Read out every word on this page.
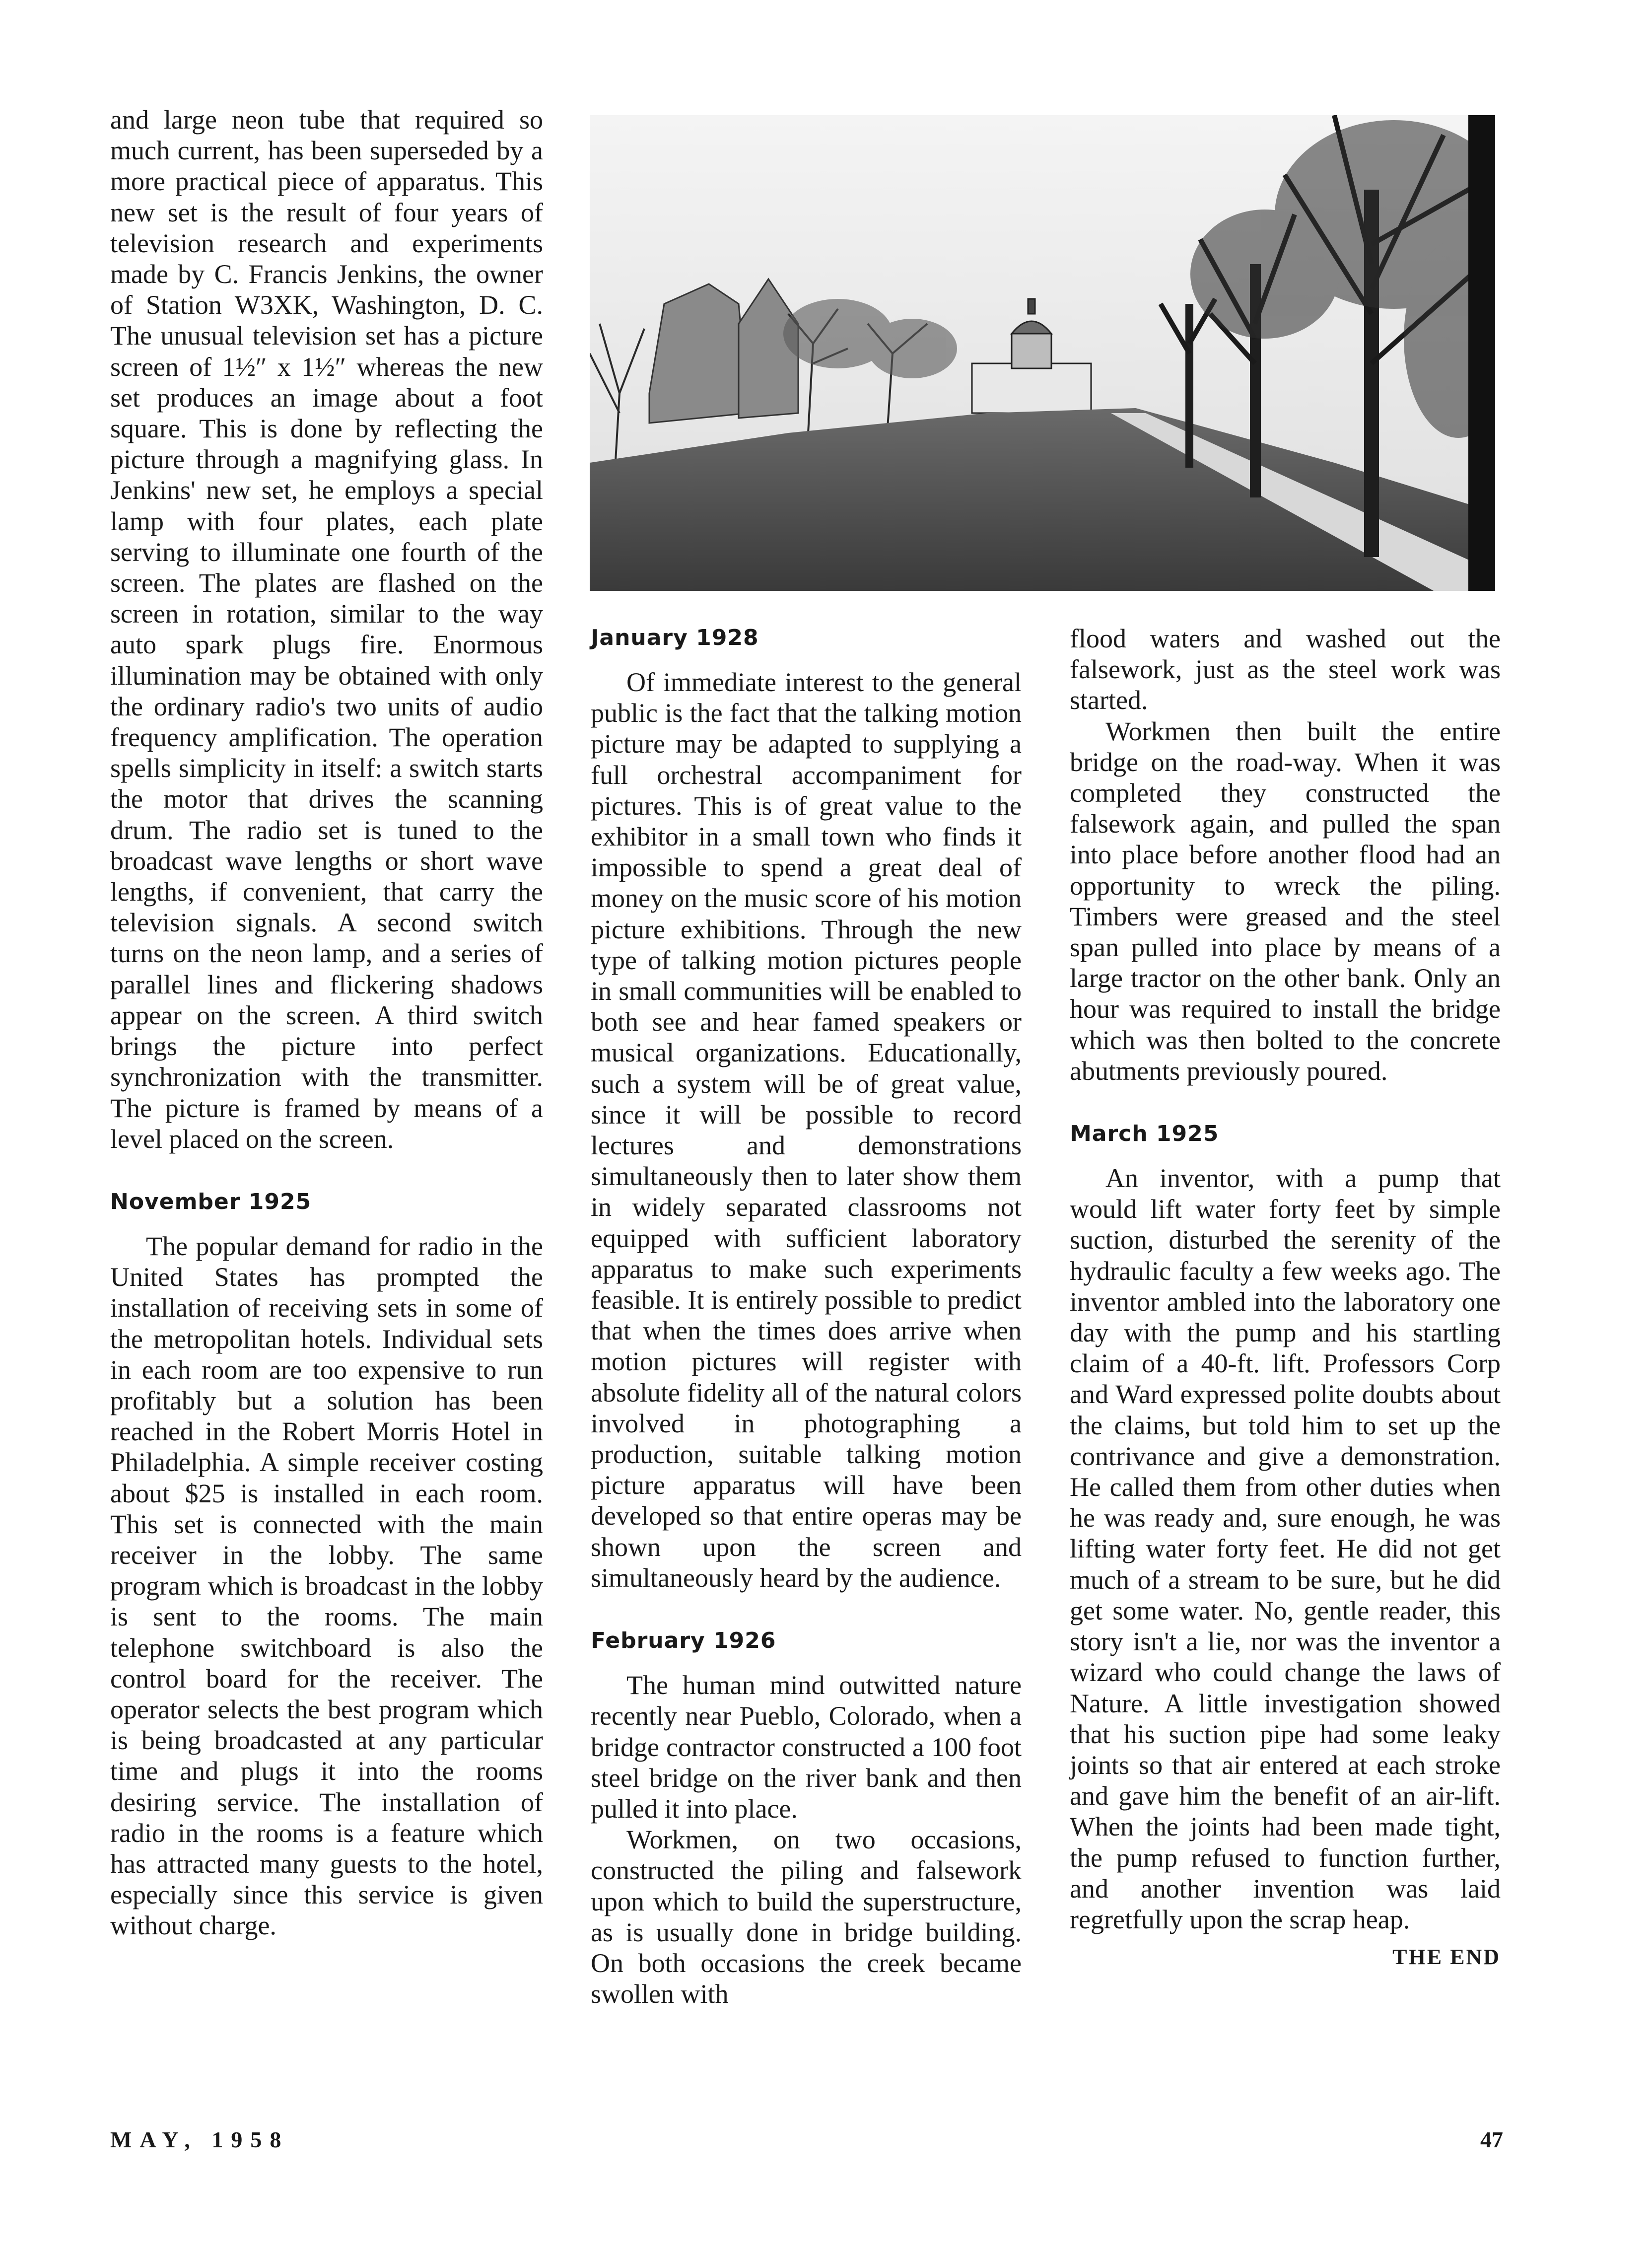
and large neon tube that required so much current, has been superseded by a more practical piece of apparatus. This new set is the result of four years of television research and experiments made by C. Francis Jenkins, the owner of Station W3XK, Washington, D. C. The unusual television set has a picture screen of 1½″ x 1½″ whereas the new set produces an image about a foot square. This is done by reflecting the picture through a magnifying glass. In Jenkins' new set, he employs a special lamp with four plates, each plate serving to illuminate one fourth of the screen. The plates are flashed on the screen in rotation, similar to the way auto spark plugs fire. Enormous illumination may be obtained with only the ordinary radio's two units of audio frequency amplification. The operation spells simplicity in itself: a switch starts the motor that drives the scanning drum. The radio set is tuned to the broadcast wave lengths or short wave lengths, if convenient, that carry the television signals. A second switch turns on the neon lamp, and a series of parallel lines and flickering shadows appear on the screen. A third switch brings the picture into perfect synchronization with the transmitter. The picture is framed by means of a level placed on the screen.

November 1925

The popular demand for radio in the United States has prompted the installation of receiving sets in some of the metropolitan hotels. Individual sets in each room are too expensive to run profitably but a solution has been reached in the Robert Morris Hotel in Philadelphia. A simple receiver costing about $25 is installed in each room. This set is connected with the main receiver in the lobby. The same program which is broadcast in the lobby is sent to the rooms. The main telephone switchboard is also the control board for the receiver. The operator selects the best program which is being broadcasted at any particular time and plugs it into the rooms desiring service. The installation of radio in the rooms is a feature which has attracted many guests to the hotel, especially since this service is given without charge.

January 1928

Of immediate interest to the general public is the fact that the talking motion picture may be adapted to supplying a full orchestral accompaniment for pictures. This is of great value to the exhibitor in a small town who finds it impossible to spend a great deal of money on the music score of his motion picture exhibitions. Through the new type of talking motion pictures people in small communities will be enabled to both see and hear famed speakers or musical organizations. Educationally, such a system will be of great value, since it will be possible to record lectures and demonstrations simultaneously then to later show them in widely separated classrooms not equipped with sufficient laboratory apparatus to make such experiments feasible. It is entirely possible to predict that when the times does arrive when motion pictures will register with absolute fidelity all of the natural colors involved in photographing a production, suitable talking motion picture apparatus will have been developed so that entire operas may be shown upon the screen and simultaneously heard by the audience.

February 1926

The human mind outwitted nature recently near Pueblo, Colorado, when a bridge contractor constructed a 100 foot steel bridge on the river bank and then pulled it into place.

Workmen, on two occasions, constructed the piling and falsework upon which to build the superstructure, as is usually done in bridge building. On both occasions the creek became swollen with

flood waters and washed out the falsework, just as the steel work was started.

Workmen then built the entire bridge on the road-way. When it was completed they constructed the falsework again, and pulled the span into place before another flood had an opportunity to wreck the piling. Timbers were greased and the steel span pulled into place by means of a large tractor on the other bank. Only an hour was required to install the bridge which was then bolted to the concrete abutments previously poured.

March 1925

An inventor, with a pump that would lift water forty feet by simple suction, disturbed the serenity of the hydraulic faculty a few weeks ago. The inventor ambled into the laboratory one day with the pump and his startling claim of a 40-ft. lift. Professors Corp and Ward expressed polite doubts about the claims, but told him to set up the contrivance and give a demonstration. He called them from other duties when he was ready and, sure enough, he was lifting water forty feet. He did not get much of a stream to be sure, but he did get some water. No, gentle reader, this story isn't a lie, nor was the inventor a wizard who could change the laws of Nature. A little investigation showed that his suction pipe had some leaky joints so that air entered at each stroke and gave him the benefit of an air-lift. When the joints had been made tight, the pump refused to function further, and another invention was laid regretfully upon the scrap heap.

THE END
MAY, 1958	47
